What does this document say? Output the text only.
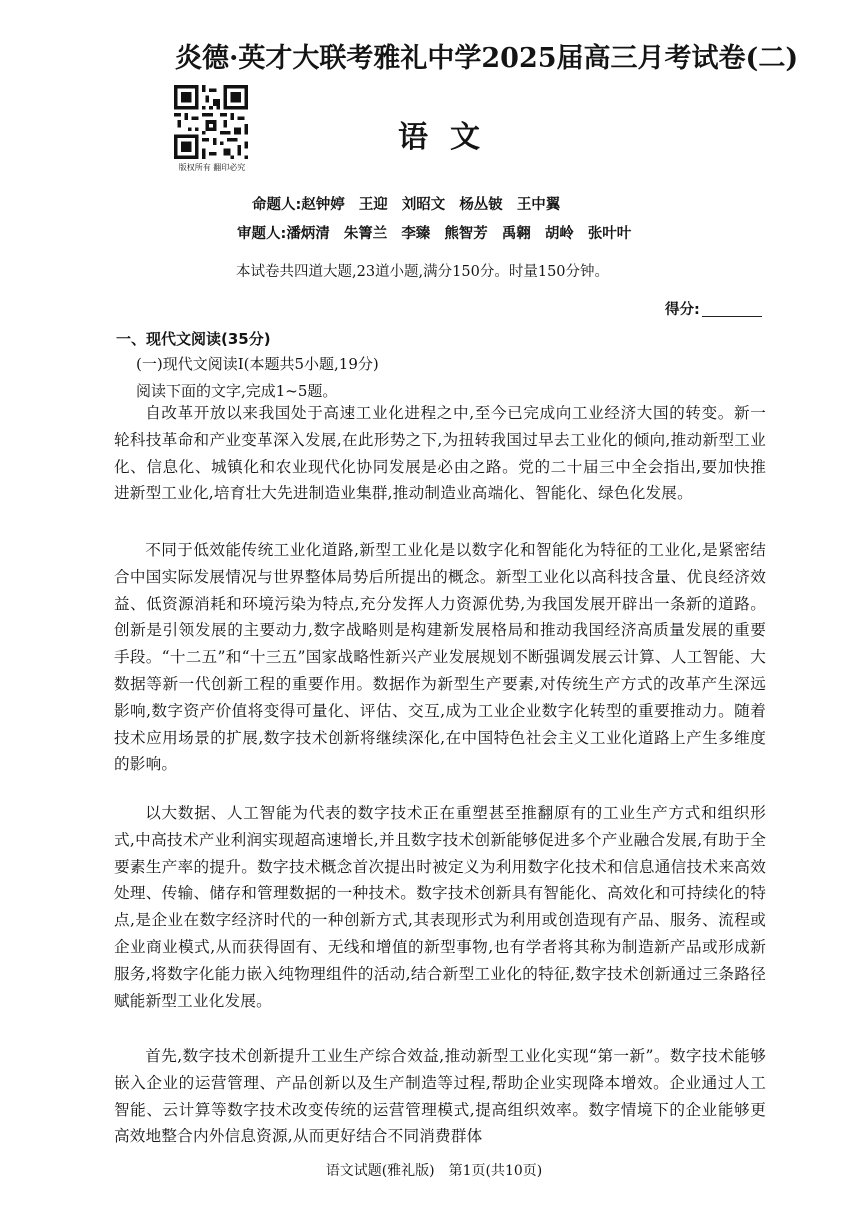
炎德·英才大联考雅礼中学2025届高三月考试卷(二)
版权所有 翻印必究
语文
命题人:赵钟婷 王迎 刘昭文 杨丛铍 王中翼
审题人:潘炳清 朱箐兰 李臻 熊智芳 禹翱 胡岭 张叶叶
本试卷共四道大题,23道小题,满分150分。时量150分钟。
得分:
一、现代文阅读(35分)
(一)现代文阅读Ⅰ(本题共5小题,19分)
阅读下面的文字,完成1~5题。

自改革开放以来我国处于高速工业化进程之中,至今已完成向工业经济大国的转变。新一轮科技革命和产业变革深入发展,在此形势之下,为扭转我国过早去工业化的倾向,推动新型工业化、信息化、城镇化和农业现代化协同发展是必由之路。党的二十届三中全会指出,要加快推进新型工业化,培育壮大先进制造业集群,推动制造业高端化、智能化、绿色化发展。

不同于低效能传统工业化道路,新型工业化是以数字化和智能化为特征的工业化,是紧密结合中国实际发展情况与世界整体局势后所提出的概念。新型工业化以高科技含量、优良经济效益、低资源消耗和环境污染为特点,充分发挥人力资源优势,为我国发展开辟出一条新的道路。创新是引领发展的主要动力,数字战略则是构建新发展格局和推动我国经济高质量发展的重要手段。“十二五”和“十三五”国家战略性新兴产业发展规划不断强调发展云计算、人工智能、大数据等新一代创新工程的重要作用。数据作为新型生产要素,对传统生产方式的改革产生深远影响,数字资产价值将变得可量化、评估、交互,成为工业企业数字化转型的重要推动力。随着技术应用场景的扩展,数字技术创新将继续深化,在中国特色社会主义工业化道路上产生多维度的影响。

以大数据、人工智能为代表的数字技术正在重塑甚至推翻原有的工业生产方式和组织形式,中高技术产业利润实现超高速增长,并且数字技术创新能够促进多个产业融合发展,有助于全要素生产率的提升。数字技术概念首次提出时被定义为利用数字化技术和信息通信技术来高效处理、传输、储存和管理数据的一种技术。数字技术创新具有智能化、高效化和可持续化的特点,是企业在数字经济时代的一种创新方式,其表现形式为利用或创造现有产品、服务、流程或企业商业模式,从而获得固有、无线和增值的新型事物,也有学者将其称为制造新产品或形成新服务,将数字化能力嵌入纯物理组件的活动,结合新型工业化的特征,数字技术创新通过三条路径赋能新型工业化发展。

首先,数字技术创新提升工业生产综合效益,推动新型工业化实现“第一新”。数字技术能够嵌入企业的运营管理、产品创新以及生产制造等过程,帮助企业实现降本增效。企业通过人工智能、云计算等数字技术改变传统的运营管理模式,提高组织效率。数字情境下的企业能够更高效地整合内外信息资源,从而更好结合不同消费群体

语文试题(雅礼版)　第1页(共10页)
